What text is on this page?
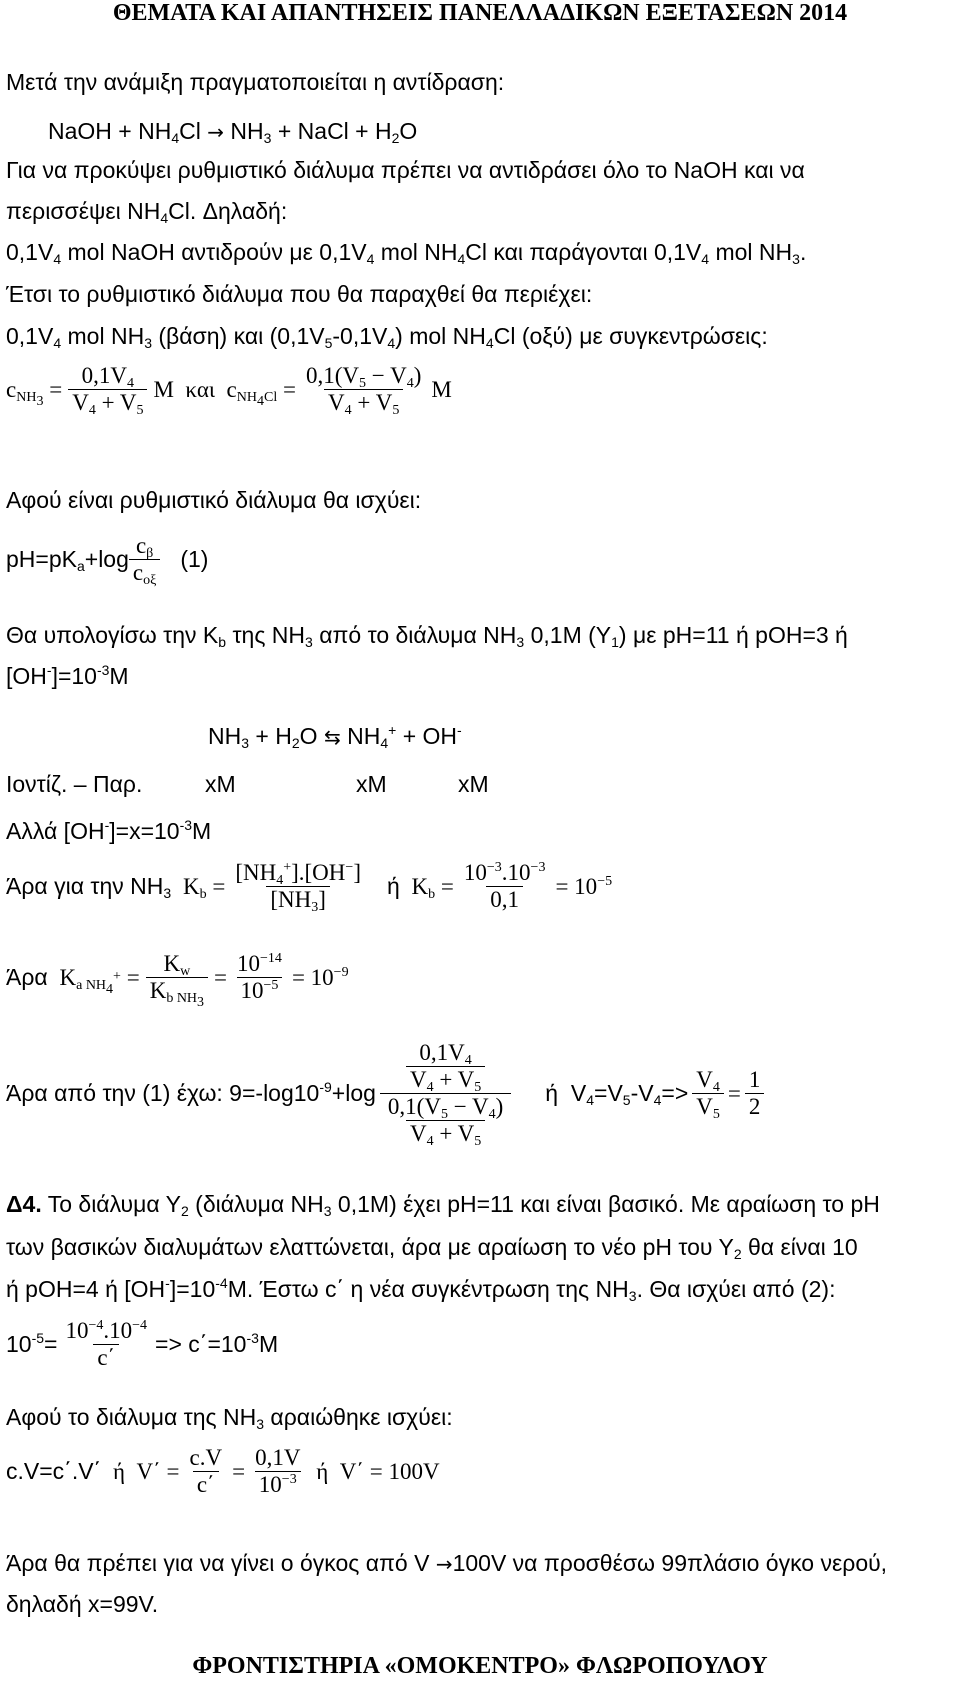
ΘΕΜΑΤΑ ΚΑΙ ΑΠΑΝΤΗΣΕΙΣ ΠΑΝΕΛΛΑΔΙΚΩΝ ΕΞΕΤΑΣΕΩΝ 2014
Μετά την ανάμιξη πραγματοποιείται η αντίδραση:
NaOH + $NH_4Cl \to NH_3$ + NaCl + $H_2O$
Για να προκύψει ρυθμιστικό διάλυμα πρέπει να αντιδράσει όλο το NaOH και να
περισσέψει $NH_4Cl$. Δηλαδή:
$0,1V_4$ mol NaOH αντιδρούν με $0,1V_4$ mol $NH_4Cl$ και παράγονται $0,1V_4$ mol $NH_3$.
Έτσι το ρυθμιστικό διάλυμα που θα παραχθεί θα περιέχει:
$0,1V_4$ mol $NH_3$ (βάση) και $(0,1V_5-0,1V_4)$ mol $NH_4Cl$ (οξύ) με συγκεντρώσεις:
$c_{NH_3} = \frac{0,1V_4}{V_4 + V_5}$ M  και  $c_{NH_4Cl} = \frac{0,1(V_5 - V_4)}{V_4 + V_5}$ M
Αφού είναι ρυθμιστικό διάλυμα θα ισχύει:
$pH=pK_a+\log \frac{c_\beta}{c_{o\xi}} (1)$
Θα υπολογίσω την $K_b$ της $NH_3$ από το διάλυμα $NH_3$ 0,1M $(\Upsilon_1)$ με pH=11 ή pOH=3 ή
$[OH^-]=10^{-3}M$
$NH_3 + H_2O$ ⇆ $NH_4^+ + OH^-$
Ιοντίζ. – Παρ.	xM	xM	xM
Αλλά $[OH^-]=x=10^{-3}M$
Άρα για την $NH_3$ $K_b = \frac{[NH_4^+].[OH^-]}{[NH_3]}$ ή $K_b = \frac{10^{-3}.10^{-3}}{0,1} = 10^{-5}$
Άρα $K_{a NH_4^+} = \frac{K_w}{K_{b NH_3}} = \frac{10^{-14}}{10^{-5}} = 10^{-9}$
Άρα από την (1) έχω: $9=-\log 10^{-9}+\log \frac{\frac{0,1V_4}{V_4 + V_5}}{\frac{0,1(V_5 - V_4)}{V_4 + V_5}}$ ή  $V_4=V_5-V_4=> \frac{V_4}{V_5} = \frac{1}{2}$
Δ4. Το διάλυμα $\Upsilon_2$ (διάλυμα $NH_3$ 0,1M) έχει pH=11 και είναι βασικό. Με αραίωση το pH
των βασικών διαλυμάτων ελαττώνεται, άρα με αραίωση το νέο pH του $\Upsilon_2$ θα είναι 10
ή pOH=4 ή $[OH^-]=10^{-4}M$. Έστω c΄ η νέα συγκέντρωση της $NH_3$. Θα ισχύει από (2):
$10^{-5}= \frac{10^{-4}.10^{-4}}{c΄} => c΄=10^{-3}M$
Αφού το διάλυμα της $NH_3$ αραιώθηκε ισχύει:
c.V=c΄.V΄ ή  $V΄ = \frac{c.V}{c΄} = \frac{0,1V}{10^{-3}}$ ή  V΄ = 100V
Άρα θα πρέπει για να γίνει ο όγκος από V →100V να προσθέσω 99πλάσιο όγκο νερού,
δηλαδή x=99V.
ΦΡΟΝΤΙΣΤΗΡΙΑ «ΟΜΟΚΕΝΤΡΟ» ΦΛΩΡΟΠΟΥΛΟΥ
